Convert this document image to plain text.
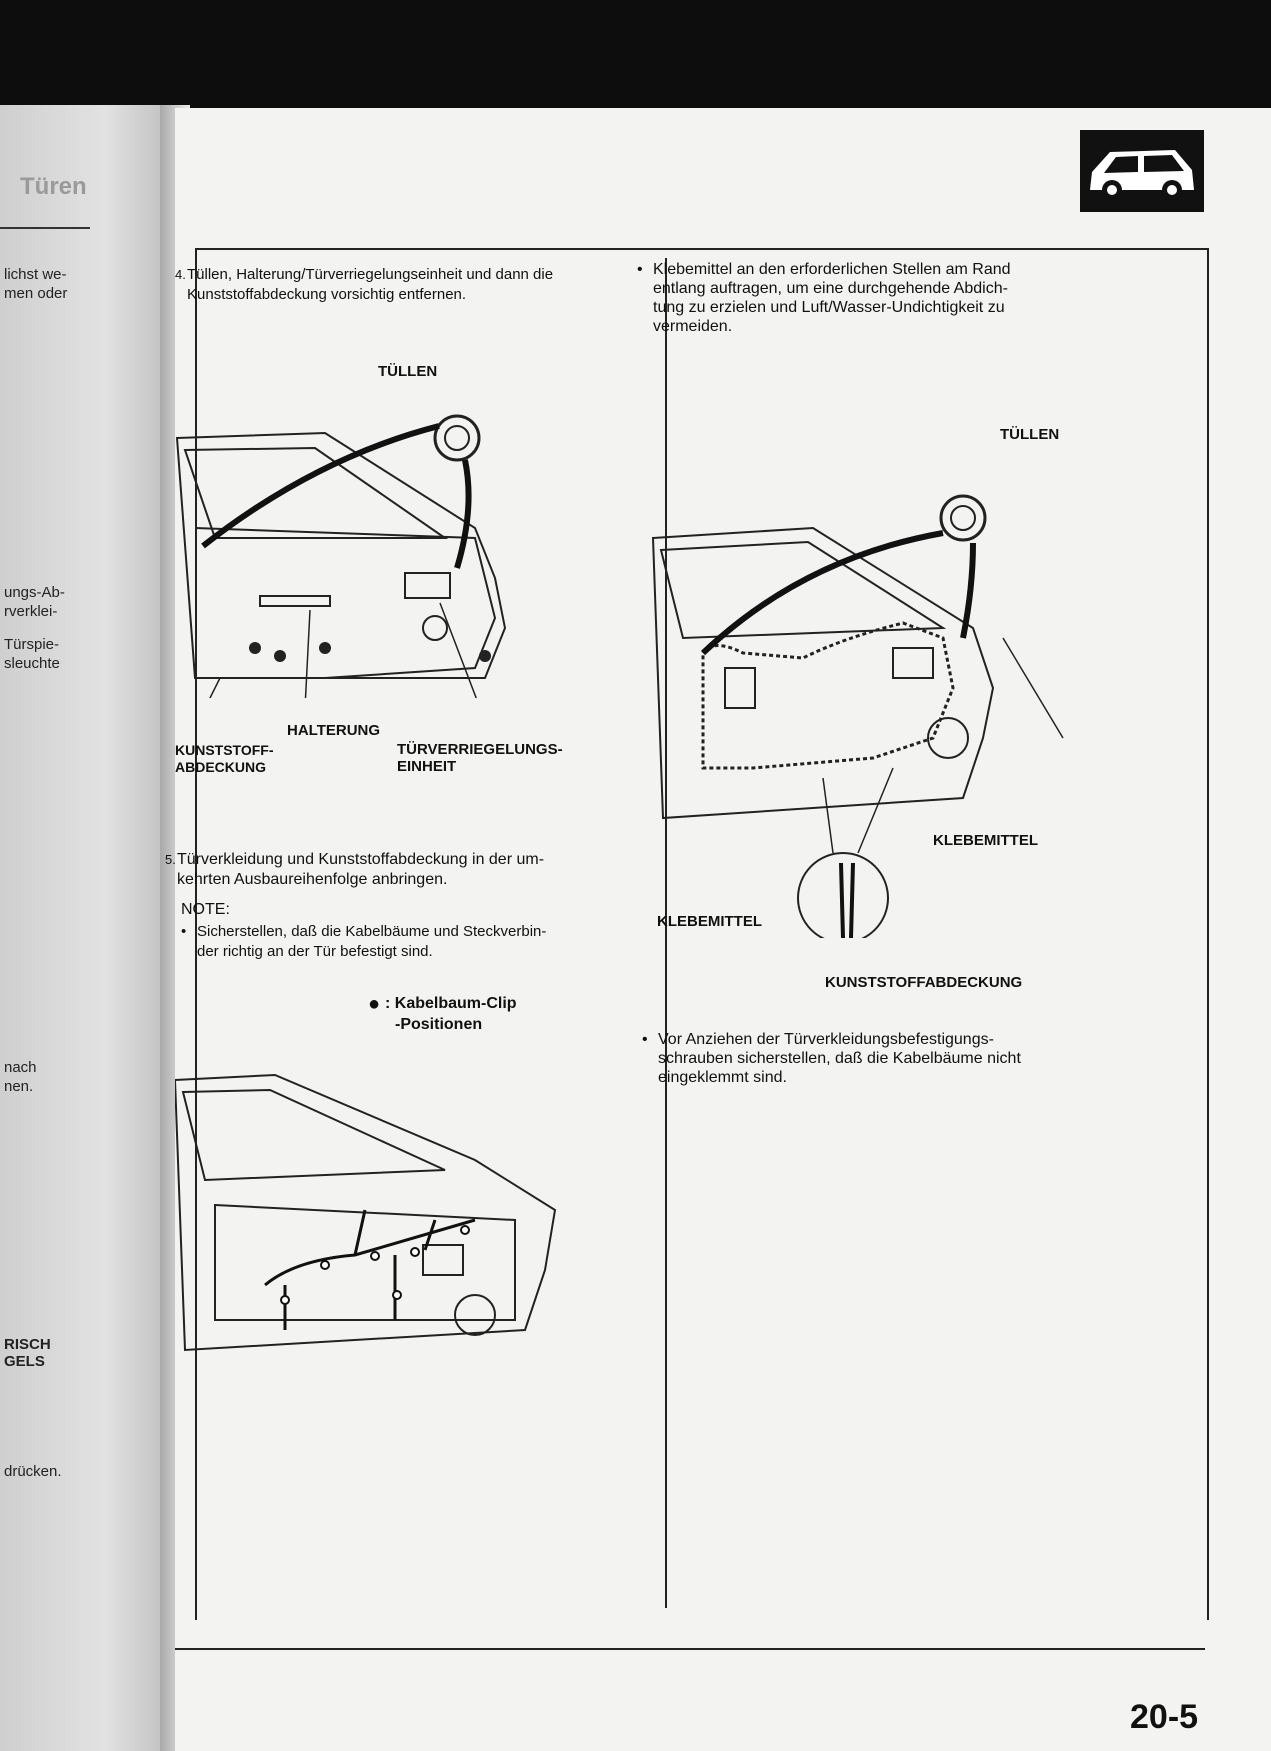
Türen
lichst we-
men oder
ungs-Ab-
rverklei-
Türspie-
sleuchte
nach
nen.
RISCH
GELS
drücken.
4. Tüllen, Halterung/Türverriegelungseinheit und dann die
Kunststoffabdeckung vorsichtig entfernen.
TÜLLEN
HALTERUNG
KUNSTSTOFF-
ABDECKUNG
TÜRVERRIEGELUNGS-
EINHEIT
5. Türverkleidung und Kunststoffabdeckung in der um-
kehrten Ausbaureihenfolge anbringen.
NOTE:
• Sicherstellen, daß die Kabelbäume und Steckverbin-
der richtig an der Tür befestigt sind.
● : Kabelbaum-Clip
-Positionen
• Klebemittel an den erforderlichen Stellen am Rand
entlang auftragen, um eine durchgehende Abdich-
tung zu erzielen und Luft/Wasser-Undichtigkeit zu
vermeiden.
TÜLLEN
KLEBEMITTEL
KLEBEMITTEL
KUNSTSTOFFABDECKUNG
• Vor Anziehen der Türverkleidungsbefestigungs-
schrauben sicherstellen, daß die Kabelbäume nicht
eingeklemmt sind.
20-5
